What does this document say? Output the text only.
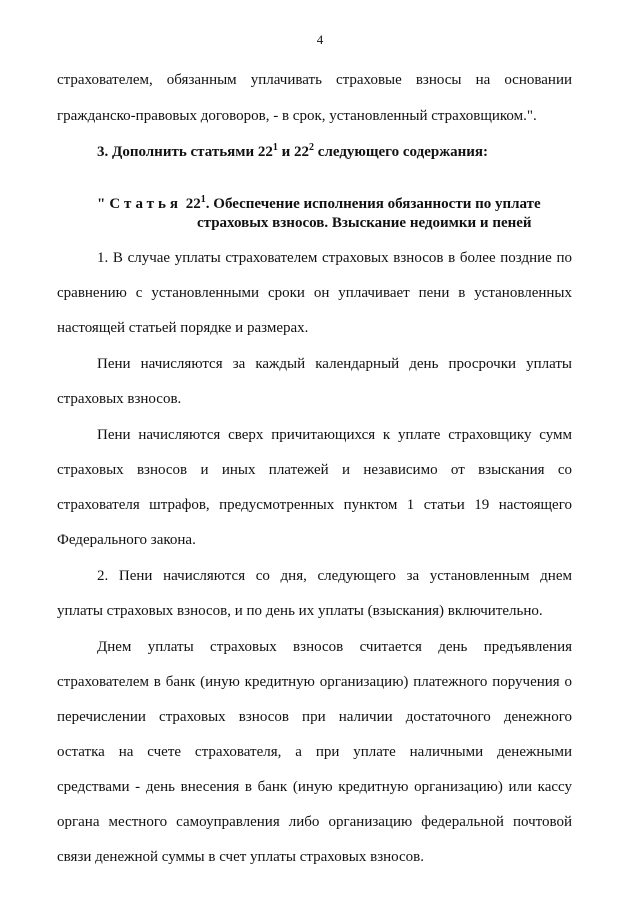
4
страхователем, обязанным уплачивать страховые взносы на основании
гражданско-правовых договоров, - в срок, установленный страховщиком.".
3. Дополнить статьями $22^1$ и $22^2$ следующего содержания:
"Статья $22^1$. Обеспечение исполнения обязанности по уплате
страховых взносов. Взыскание недоимки и пеней
1. В случае уплаты страхователем страховых взносов в более поздние по
сравнению с установленными сроки он уплачивает пени в установленных
настоящей статьей порядке и размерах.
Пени начисляются за каждый календарный день просрочки уплаты
страховых взносов.
Пени начисляются сверх причитающихся к уплате страховщику сумм
страховых взносов и иных платежей и независимо от взыскания со
страхователя штрафов, предусмотренных пунктом 1 статьи 19 настоящего
Федерального закона.
2. Пени начисляются со дня, следующего за установленным днем
уплаты страховых взносов, и по день их уплаты (взыскания) включительно.
Днем уплаты страховых взносов считается день предъявления
страхователем в банк (иную кредитную организацию) платежного поручения о
перечислении страховых взносов при наличии достаточного денежного
остатка на счете страхователя, а при уплате наличными денежными
средствами - день внесения в банк (иную кредитную организацию) или кассу
органа местного самоуправления либо организацию федеральной почтовой
связи денежной суммы в счет уплаты страховых взносов.
